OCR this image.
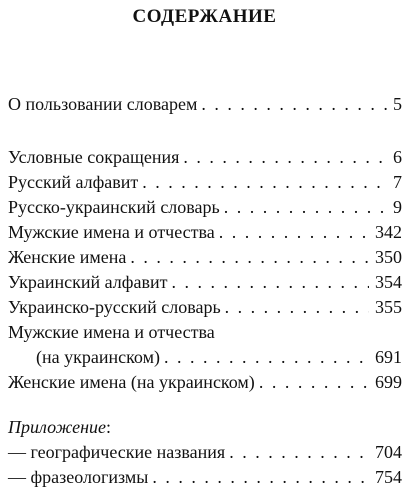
СОДЕРЖАНИЕ
О пользовании словарем . . .	5
Условные сокращения . . .	6
Русский алфавит . . .	7
Русско-украинский словарь . . .	9
Мужские имена и отчества . . .	342
Женские имена . . .	350
Украинский алфавит . . .	354
Украинско-русский словарь . . .	355
Мужские имена и отчества
(на украинском) . . .	691
Женские имена (на украинском) . . .	699
Приложение:
— географические названия . . .	704
— фразеологизмы . . .	754
